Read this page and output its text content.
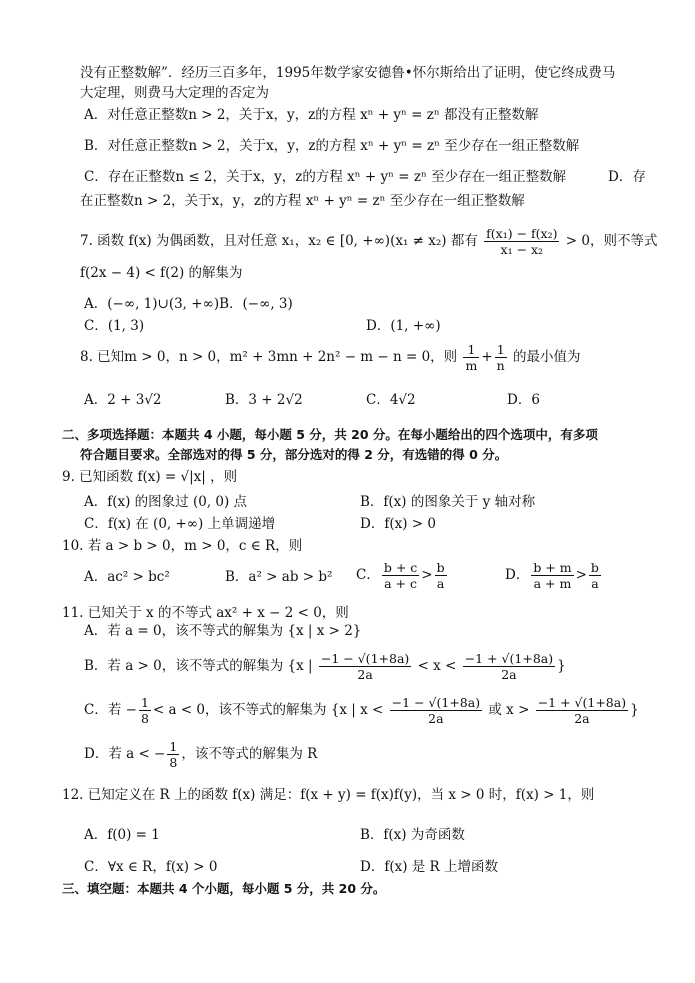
没有正整数解”．经历三百多年，1995年数学家安德鲁•怀尔斯给出了证明，使它终成费马
大定理，则费马大定理的否定为
A．对任意正整数n > 2，关于x，y，z的方程 xⁿ + yⁿ = zⁿ 都没有正整数解
B．对任意正整数n > 2，关于x，y，z的方程 xⁿ + yⁿ = zⁿ 至少存在一组正整数解
C．存在正整数n ≤ 2，关于x，y，z的方程 xⁿ + yⁿ = zⁿ 至少存在一组正整数解	D．存
在正整数n > 2，关于x，y，z的方程 xⁿ + yⁿ = zⁿ 至少存在一组正整数解
7. 函数 f(x) 为偶函数，且对任意 x₁，x₂ ∈ [0, +∞)(x₁ ≠ x₂) 都有 $\frac{\text{f(x₁) − f(x₂)}}{\text{x₁ − x₂}} > 0$，则不等式
f(2x − 4) < f(2) 的解集为
A．(−∞, 1)∪(3, +∞)B．(−∞, 3)
C．(1, 3)	D．(1, +∞)
8. 已知m > 0，n > 0，m² + 3mn + 2n² − m − n = 0，则 $\frac{1}{m} + \frac{1}{n}$ 的最小值为
A．2 + 3√2	B．3 + 2√2	C．4√2	D．6
二、多项选择题：本题共 4 小题，每小题 5 分，共 20 分。在每小题给出的四个选项中，有多项
符合题目要求。全部选对的得 5 分，部分选对的得 2 分，有选错的得 0 分。
9. 已知函数 f(x) = √|x| ，则
A．f(x) 的图象过 (0, 0) 点	B．f(x) 的图象关于 y 轴对称
C．f(x) 在 (0, +∞) 上单调递增	D．f(x) > 0
10. 若 a > b > 0，m > 0，c ∈ R，则
A．ac² > bc²	B．a² > ab > b² C． $\frac{b + c}{a + c} > \frac{b}{a}$	D． $\frac{b + m}{a + m} > \frac{b}{a}$
11. 已知关于 x 的不等式 ax² + x − 2 < 0，则
A．若 a = 0，该不等式的解集为 {x | x > 2}
B．若 a > 0，该不等式的解集为 {x | $\frac{-1 - √(1+8a)}{2a} < x < \frac{-1 + √(1+8a)}{2a}$ }
C．若 − $\frac{1}{8} < a < 0$，该不等式的解集为 {x | $x < \frac{-1 - √(1+8a)}{2a}$ 或 $x > \frac{-1 + √(1+8a)}{2a}$ }
D．若 a < − $\frac{1}{8}$ ，该不等式的解集为 R
12. 已知定义在 R 上的函数 f(x) 满足：f(x + y) = f(x)f(y)，当 x > 0 时，f(x) > 1，则
A．f(0) = 1	B．f(x) 为奇函数
C．∀x ∈ R，f(x) > 0	D．f(x) 是 R 上增函数
三、填空题：本题共 4 个小题，每小题 5 分，共 20 分。
